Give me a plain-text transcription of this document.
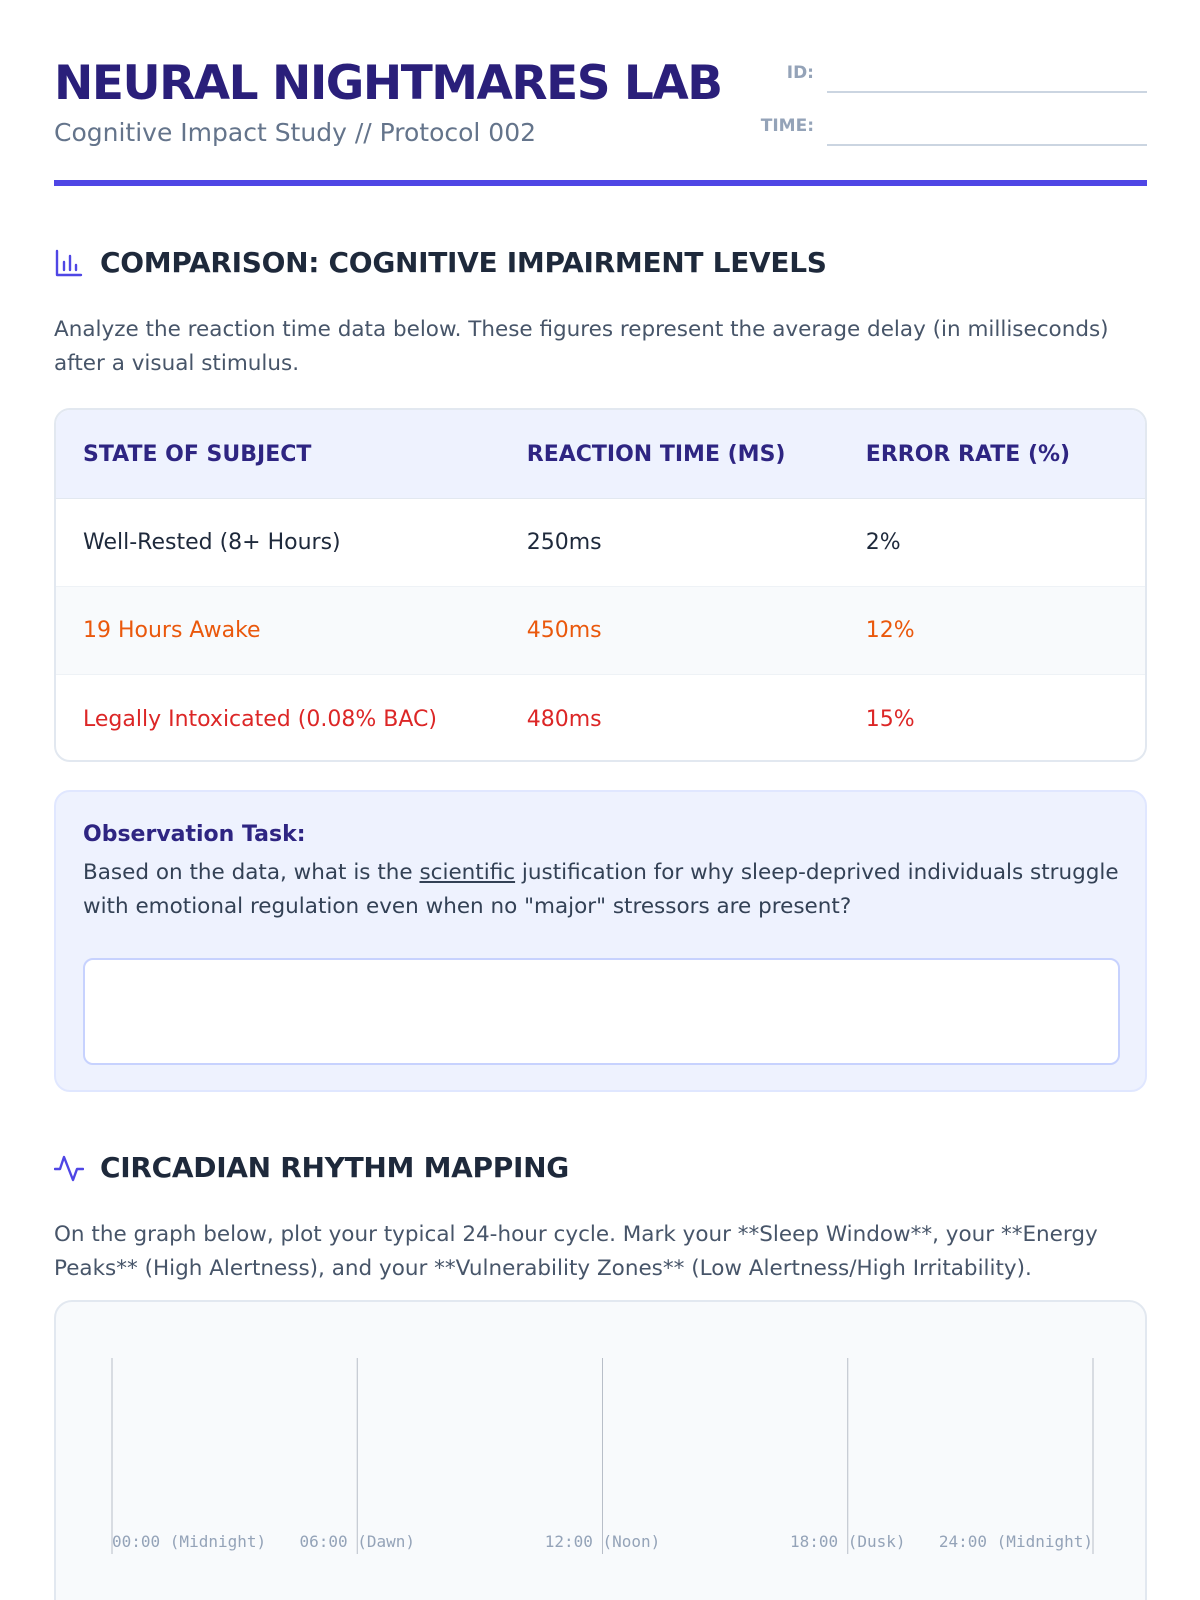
NEURAL NIGHTMARES LAB
Cognitive Impact Study // Protocol 002
ID:
TIME:
COMPARISON: COGNITIVE IMPAIRMENT LEVELS
Analyze the reaction time data below. These figures represent the average delay (in milliseconds) after a visual stimulus.
STATE OF SUBJECT	REACTION TIME (MS)	ERROR RATE (%)
Well-Rested (8+ Hours)	250ms	2%
19 Hours Awake	450ms	12%
Legally Intoxicated (0.08% BAC)	480ms	15%
Observation Task:
Based on the data, what is the scientific justification for why sleep-deprived individuals struggle with emotional regulation even when no "major" stressors are present?
CIRCADIAN RHYTHM MAPPING
On the graph below, plot your typical 24-hour cycle. Mark your **Sleep Window**, your **Energy Peaks** (High Alertness), and your **Vulnerability Zones** (Low Alertness/High Irritability).
00:00 (Midnight) 06:00 (Dawn)	12:00 (Noon)	18:00 (Dusk) 24:00 (Midnight)
